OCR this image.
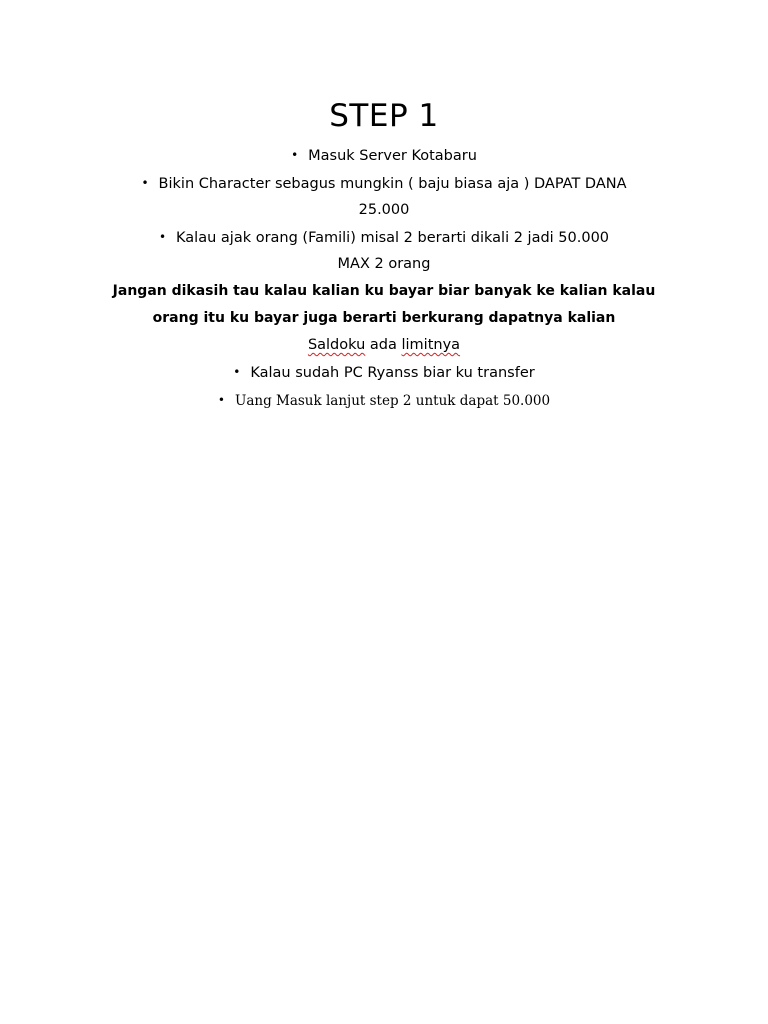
STEP 1
• Masuk Server Kotabaru
• Bikin Character sebagus mungkin ( baju biasa aja ) DAPAT DANA
25.000
• Kalau ajak orang (Famili) misal 2 berarti dikali 2 jadi 50.000
MAX 2 orang
Jangan dikasih tau kalau kalian ku bayar biar banyak ke kalian kalau
orang itu ku bayar juga berarti berkurang dapatnya kalian
Saldoku ada limitnya
• Kalau sudah PC Ryanss biar ku transfer
• Uang Masuk lanjut step 2 untuk dapat 50.000
